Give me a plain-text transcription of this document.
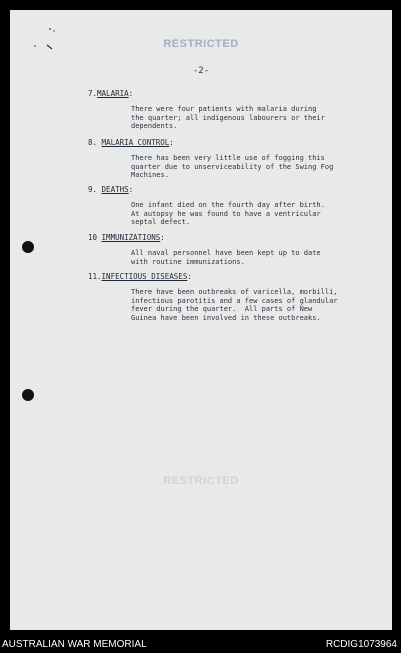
RESTRICTED
-2-
7.MALARIA:
There were four patients with malaria during
the quarter; all indigenous labourers or their
dependents.
8. MALARIA CONTROL:
There has been very little use of fogging this
quarter due to unserviceability of the Swing Fog
Machines.
9. DEATHS:
One infant died on the fourth day after birth.
At autopsy he was found to have a ventricular
septal defect.
10 IMMUNIZATIONS:
All naval personnel have been kept up to date
with routine immunizations.
11.INFECTIOUS DISEASES:
There have been outbreaks of varicella, morbilli,
infectious parotitis and a few cases of glandular
fever during the quarter.  All parts of New
Guinea have been involved in these outbreaks.
RESTRICTED
AUSTRALIAN WAR MEMORIAL	RCDIG1073964
